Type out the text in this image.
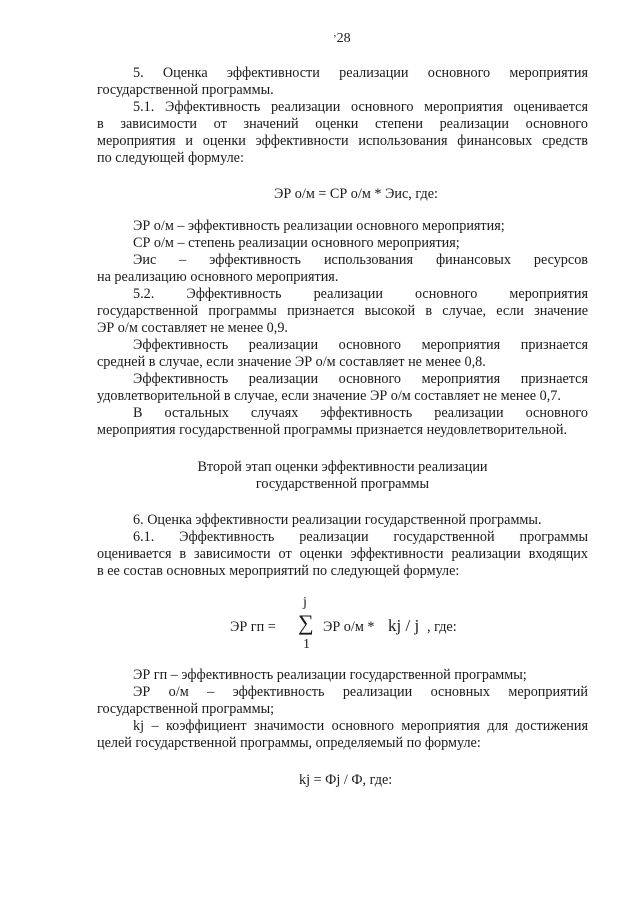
ʼ28
5. Оценка эффективности реализации основного мероприятия
государственной программы.
5.1. Эффективность реализации основного мероприятия оценивается
в зависимости от значений оценки степени реализации основного
мероприятия и оценки эффективности использования финансовых средств
по следующей формуле:
ЭР о/м = СР о/м * Эис, где:
ЭР о/м – эффективность реализации основного мероприятия;
СР о/м – степень реализации основного мероприятия;
Эис – эффективность использования финансовых ресурсов
на реализацию основного мероприятия.
5.2. Эффективность реализации основного мероприятия
государственной программы признается высокой в случае, если значение
ЭР о/м составляет не менее 0,9.
Эффективность реализации основного мероприятия признается
средней в случае, если значение ЭР о/м составляет не менее 0,8.
Эффективность реализации основного мероприятия признается
удовлетворительной в случае, если значение ЭР о/м составляет не менее 0,7.
В остальных случаях эффективность реализации основного
мероприятия государственной программы признается неудовлетворительной.
Второй этап оценки эффективности реализации
государственной программы
6. Оценка эффективности реализации государственной программы.
6.1. Эффективность реализации государственной программы
оценивается в зависимости от оценки эффективности реализации входящих
в ее состав основных мероприятий по следующей формуле:
ЭР гп =
j
∑
1
ЭР о/м * kj / j , где:
ЭР гп – эффективность реализации государственной программы;
ЭР о/м – эффективность реализации основных мероприятий
государственной программы;
kj – коэффициент значимости основного мероприятия для достижения
целей государственной программы, определяемый по формуле:
kj = Фj / Ф, где:
